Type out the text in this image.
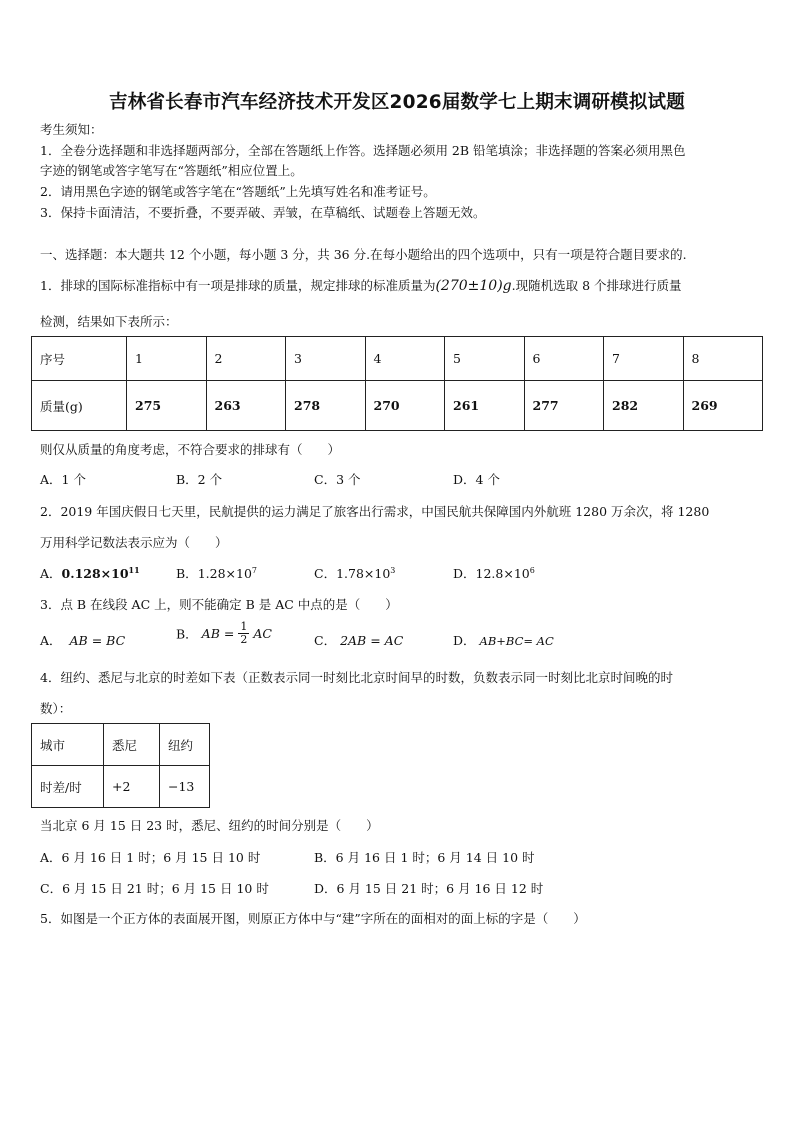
吉林省长春市汽车经济技术开发区2026届数学七上期末调研模拟试题
考生须知：
1．全卷分选择题和非选择题两部分，全部在答题纸上作答。选择题必须用 2B 铅笔填涂；非选择题的答案必须用黑色
字迹的钢笔或答字笔写在“答题纸”相应位置上。
2．请用黑色字迹的钢笔或答字笔在“答题纸”上先填写姓名和准考证号。
3．保持卡面清洁，不要折叠，不要弄破、弄皱，在草稿纸、试题卷上答题无效。
一、选择题：本大题共 12 个小题，每小题 3 分，共 36 分.在每小题给出的四个选项中，只有一项是符合题目要求的.
1．排球的国际标准指标中有一项是排球的质量，规定排球的标准质量为(270±10)g.现随机选取 8 个排球进行质量
检测，结果如下表所示：
序号	1	2	3	4	5	6	7	8
质量(g)	275	263	278	270	261	277	282	269
则仅从质量的角度考虑，不符合要求的排球有（　　）
A．1 个	B．2 个	C．3 个	D．4 个
2．2019 年国庆假日七天里，民航提供的运力满足了旅客出行需求，中国民航共保障国内外航班 1280 万余次，将 1280
万用科学记数法表示应为（　　）
A．$0.128\times 10^{11}$	B．$1.28\times 10^7$	C．$1.78\times 10^3$	D．$12.8\times 10^6$
3．点 B 在线段 AC 上，则不能确定 B 是 AC 中点的是（　　）
A． AB = BC	B． AB = $\frac{1}{2}$ AC	C． 2AB = AC	D． AB+BC= AC
4．纽约、悉尼与北京的时差如下表（正数表示同一时刻比北京时间早的时数，负数表示同一时刻比北京时间晚的时
数）：
城市	悉尼	纽约
时差/时	+2	−13
当北京 6 月 15 日 23 时，悉尼、纽约的时间分别是（　　）
A．6 月 16 日 1 时；6 月 15 日 10 时	B．6 月 16 日 1 时；6 月 14 日 10 时
C．6 月 15 日 21 时；6 月 15 日 10 时	D．6 月 15 日 21 时；6 月 16 日 12 时
5．如图是一个正方体的表面展开图，则原正方体中与“建”字所在的面相对的面上标的字是（　　）
